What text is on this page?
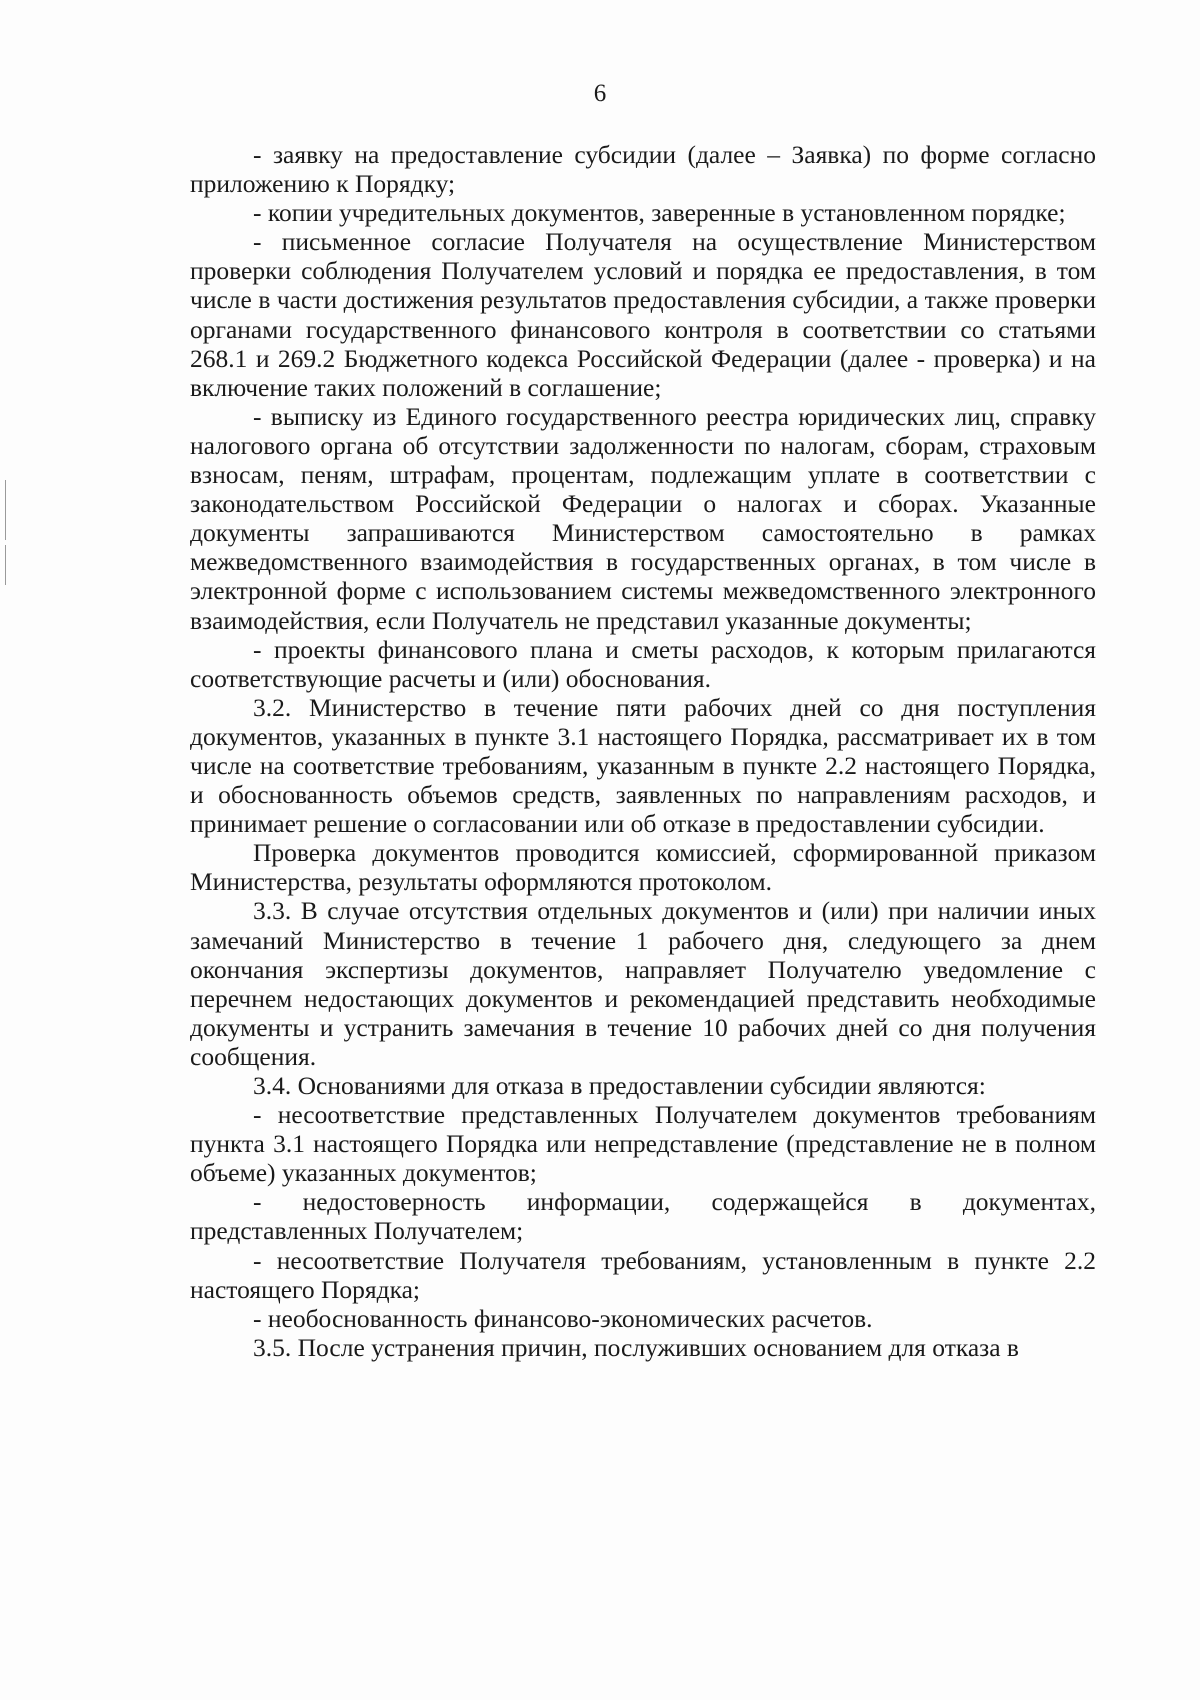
6

- заявку на предоставление субсидии (далее – Заявка) по форме согласно приложению к Порядку;

- копии учредительных документов, заверенные в установленном порядке;

- письменное согласие Получателя на осуществление Министерством проверки соблюдения Получателем условий и порядка ее предоставления, в том числе в части достижения результатов предоставления субсидии, а также проверки органами государственного финансового контроля в соответствии со статьями 268.1 и 269.2 Бюджетного кодекса Российской Федерации (далее - проверка) и на включение таких положений в соглашение;

- выписку из Единого государственного реестра юридических лиц, справку налогового органа об отсутствии задолженности по налогам, сборам, страховым взносам, пеням, штрафам, процентам, подлежащим уплате в соответствии с законодательством Российской Федерации о налогах и сборах. Указанные документы запрашиваются Министерством самостоятельно в рамках межведомственного взаимодействия в государственных органах, в том числе в электронной форме с использованием системы межведомственного электронного взаимодействия, если Получатель не представил указанные документы;

- проекты финансового плана и сметы расходов, к которым прилагаются соответствующие расчеты и (или) обоснования.

3.2. Министерство в течение пяти рабочих дней со дня поступления документов, указанных в пункте 3.1 настоящего Порядка, рассматривает их в том числе на соответствие требованиям, указанным в пункте 2.2 настоящего Порядка, и обоснованность объемов средств, заявленных по направлениям расходов, и принимает решение о согласовании или об отказе в предоставлении субсидии.

Проверка документов проводится комиссией, сформированной приказом Министерства, результаты оформляются протоколом.

3.3. В случае отсутствия отдельных документов и (или) при наличии иных замечаний Министерство в течение 1 рабочего дня, следующего за днем окончания экспертизы документов, направляет Получателю уведомление с перечнем недостающих документов и рекомендацией представить необходимые документы и устранить замечания в течение 10 рабочих дней со дня получения сообщения.

3.4. Основаниями для отказа в предоставлении субсидии являются:

- несоответствие представленных Получателем документов требованиям пункта 3.1 настоящего Порядка или непредставление (представление не в полном объеме) указанных документов;

- недостоверность информации, содержащейся в документах, представленных Получателем;

- несоответствие Получателя требованиям, установленным в пункте 2.2 настоящего Порядка;

- необоснованность финансово-экономических расчетов.

3.5. После устранения причин, послуживших основанием для отказа в
